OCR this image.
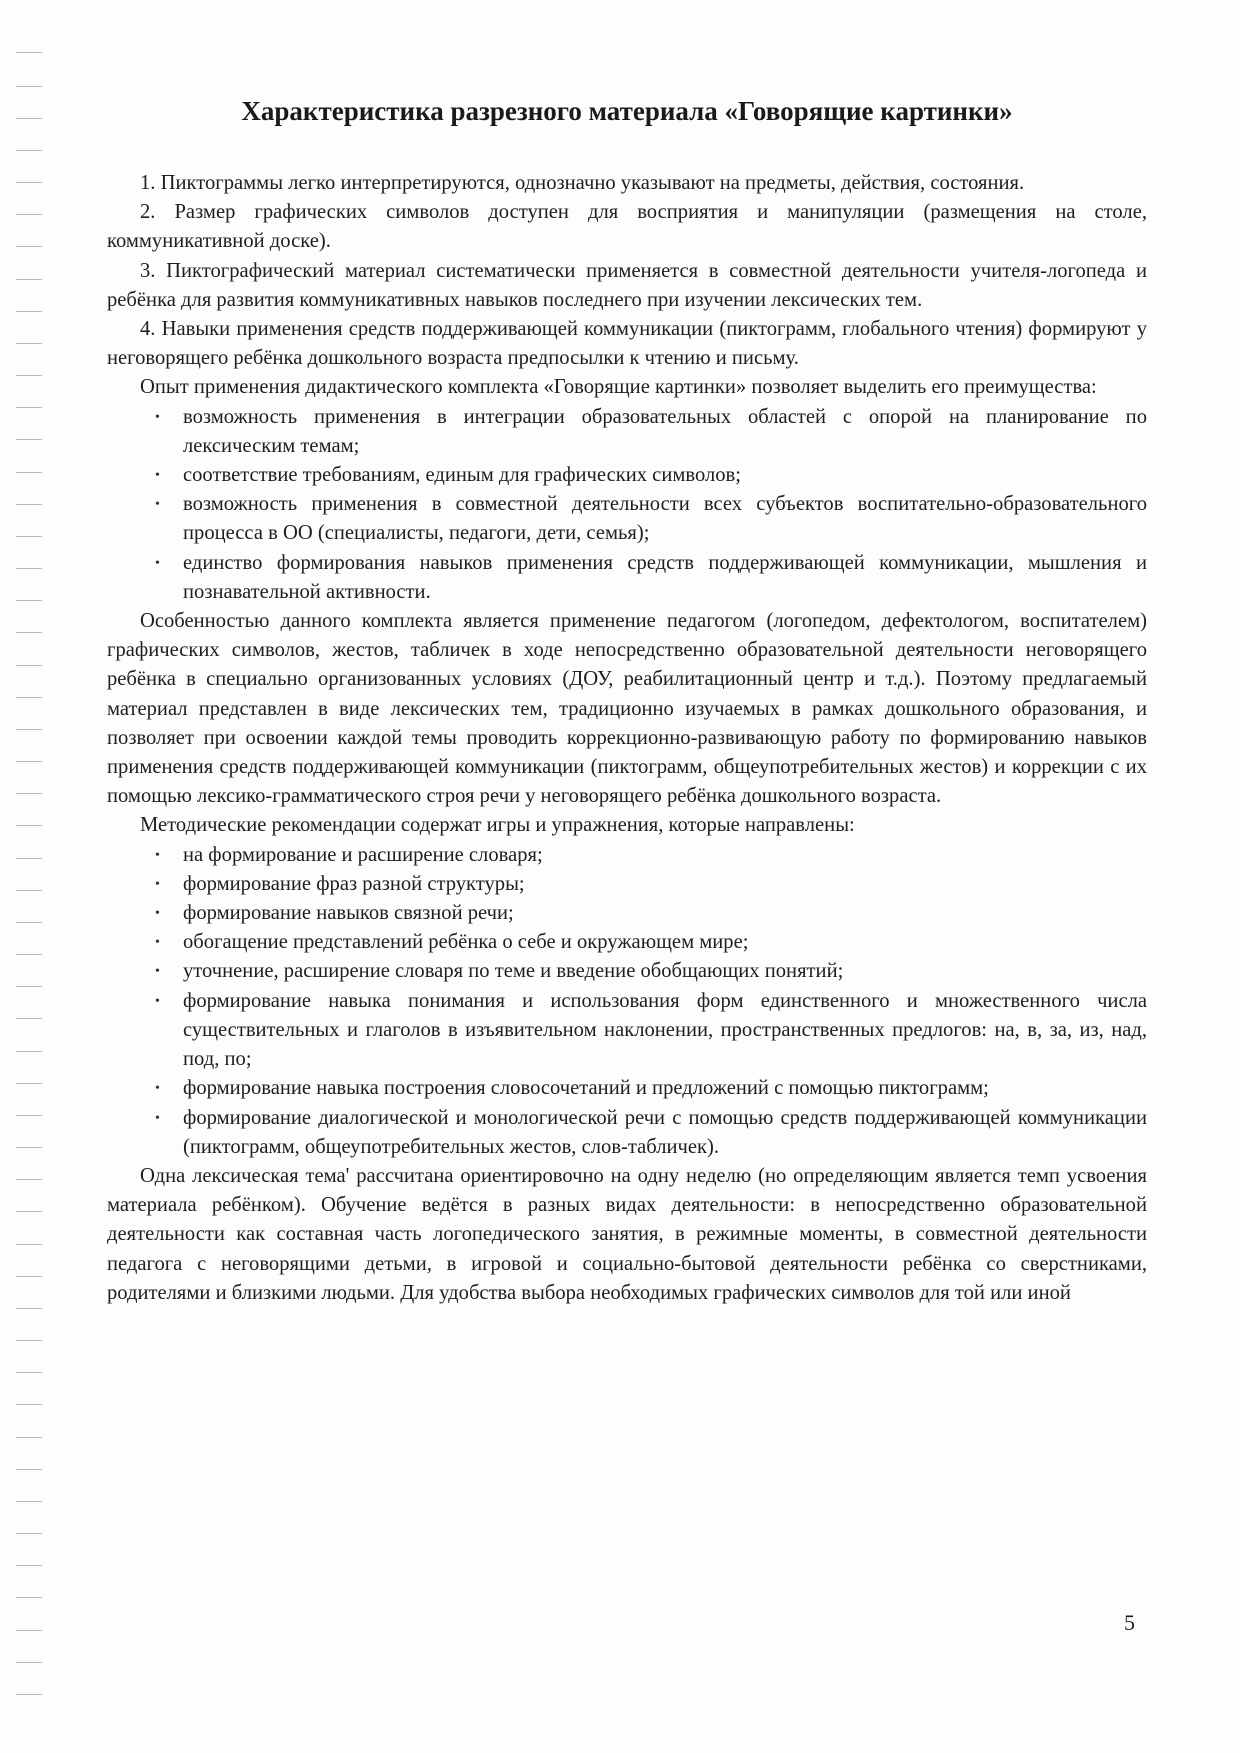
Характеристика разрезного материала «Говорящие картинки»

1. Пиктограммы легко интерпретируются, однозначно указывают на предметы, действия, состояния.

2. Размер графических символов доступен для восприятия и манипуляции (размещения на столе, коммуникативной доске).

3. Пиктографический материал систематически применяется в совместной деятельности учителя-логопеда и ребёнка для развития коммуникативных навыков последнего при изучении лексических тем.

4. Навыки применения средств поддерживающей коммуникации (пиктограмм, глобального чтения) формируют у неговорящего ребёнка дошкольного возраста предпосылки к чтению и письму.

Опыт применения дидактического комплекта «Говорящие картинки» позволяет выделить его преимущества:

• возможность применения в интеграции образовательных областей с опорой на планирование по лексическим темам;
• соответствие требованиям, единым для графических символов;
• возможность применения в совместной деятельности всех субъектов воспитательно-образовательного процесса в ОО (специалисты, педагоги, дети, семья);
• единство формирования навыков применения средств поддерживающей коммуникации, мышления и познавательной активности.

Особенностью данного комплекта является применение педагогом (логопедом, дефектологом, воспитателем) графических символов, жестов, табличек в ходе непосредственно образовательной деятельности неговорящего ребёнка в специально организованных условиях (ДОУ, реабилитационный центр и т.д.). Поэтому предлагаемый материал представлен в виде лексических тем, традиционно изучаемых в рамках дошкольного образования, и позволяет при освоении каждой темы проводить коррекционно-развивающую работу по формированию навыков применения средств поддерживающей коммуникации (пиктограмм, общеупотребительных жестов) и коррекции с их помощью лексико-грамматического строя речи у неговорящего ребёнка дошкольного возраста.

Методические рекомендации содержат игры и упражнения, которые направлены:

• на формирование и расширение словаря;
• формирование фраз разной структуры;
• формирование навыков связной речи;
• обогащение представлений ребёнка о себе и окружающем мире;
• уточнение, расширение словаря по теме и введение обобщающих понятий;
• формирование навыка понимания и использования форм единственного и множественного числа существительных и глаголов в изъявительном наклонении, пространственных предлогов: на, в, за, из, над, под, по;
• формирование навыка построения словосочетаний и предложений с помощью пиктограмм;
• формирование диалогической и монологической речи с помощью средств поддерживающей коммуникации (пиктограмм, общеупотребительных жестов, слов-табличек).

Одна лексическая тема' рассчитана ориентировочно на одну неделю (но определяющим является темп усвоения материала ребёнком). Обучение ведётся в разных видах деятельности: в непосредственно образовательной деятельности как составная часть логопедического занятия, в режимные моменты, в совместной деятельности педагога с неговорящими детьми, в игровой и социально-бытовой деятельности ребёнка со сверстниками, родителями и близкими людьми. Для удобства выбора необходимых графических символов для той или иной

5
